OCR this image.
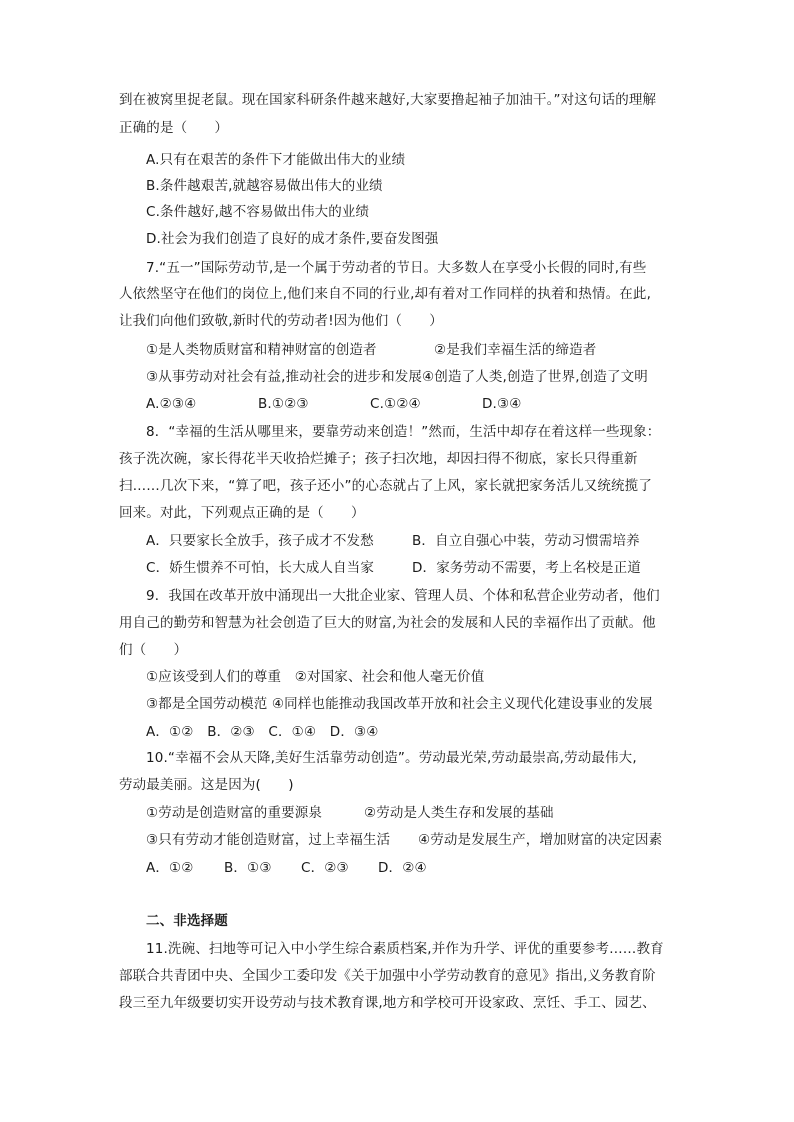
到在被窝里捉老鼠。现在国家科研条件越来越好,大家要撸起袖子加油干。”对这句话的理解
正确的是（　　）
A.只有在艰苦的条件下才能做出伟大的业绩
B.条件越艰苦,就越容易做出伟大的业绩
C.条件越好,越不容易做出伟大的业绩
D.社会为我们创造了良好的成才条件,要奋发图强
7.“五一”国际劳动节,是一个属于劳动者的节日。大多数人在享受小长假的同时,有些
人依然坚守在他们的岗位上,他们来自不同的行业,却有着对工作同样的执着和热情。在此,
让我们向他们致敬,新时代的劳动者!因为他们（　　）
①是人类物质财富和精神财富的创造者	②是我们幸福生活的缔造者
③从事劳动对社会有益,推动社会的进步和发展④创造了人类,创造了世界,创造了文明
A.②③④	B.①②③	C.①②④	D.③④
8．“幸福的生活从哪里来，要靠劳动来创造！”然而，生活中却存在着这样一些现象：
孩子洗次碗，家长得花半天收拾烂摊子；孩子扫次地，却因扫得不彻底，家长只得重新
扫……几次下来，“算了吧，孩子还小”的心态就占了上风，家长就把家务活儿又统统揽了
回来。对此，下列观点正确的是（　　）
A．只要家长全放手，孩子成才不发愁	B．自立自强心中装，劳动习惯需培养
C．娇生惯养不可怕，长大成人自当家	D．家务劳动不需要，考上名校是正道
9．我国在改革开放中涌现出一大批企业家、管理人员、个体和私营企业劳动者，他们
用自己的勤劳和智慧为社会创造了巨大的财富,为社会的发展和人民的幸福作出了贡献。他
们（　　）
①应该受到人们的尊重　②对国家、社会和他人毫无价值
③都是全国劳动模范 ④同样也能推动我国改革开放和社会主义现代化建设事业的发展
A．①②　B．②③　C．①④　D．③④
10.“幸福不会从天降,美好生活靠劳动创造”。劳动最光荣,劳动最崇高,劳动最伟大,
劳动最美丽。这是因为(　　)
①劳动是创造财富的重要源泉	②劳动是人类生存和发展的基础
③只有劳动才能创造财富，过上幸福生活 ④劳动是发展生产，增加财富的决定因素
A．①② B．①③ C．②③ D．②④
二、非选择题
11.洗碗、扫地等可记入中小学生综合素质档案,并作为升学、评优的重要参考……教育
部联合共青团中央、全国少工委印发《关于加强中小学劳动教育的意见》指出,义务教育阶
段三至九年级要切实开设劳动与技术教育课,地方和学校可开设家政、烹饪、手工、园艺、
